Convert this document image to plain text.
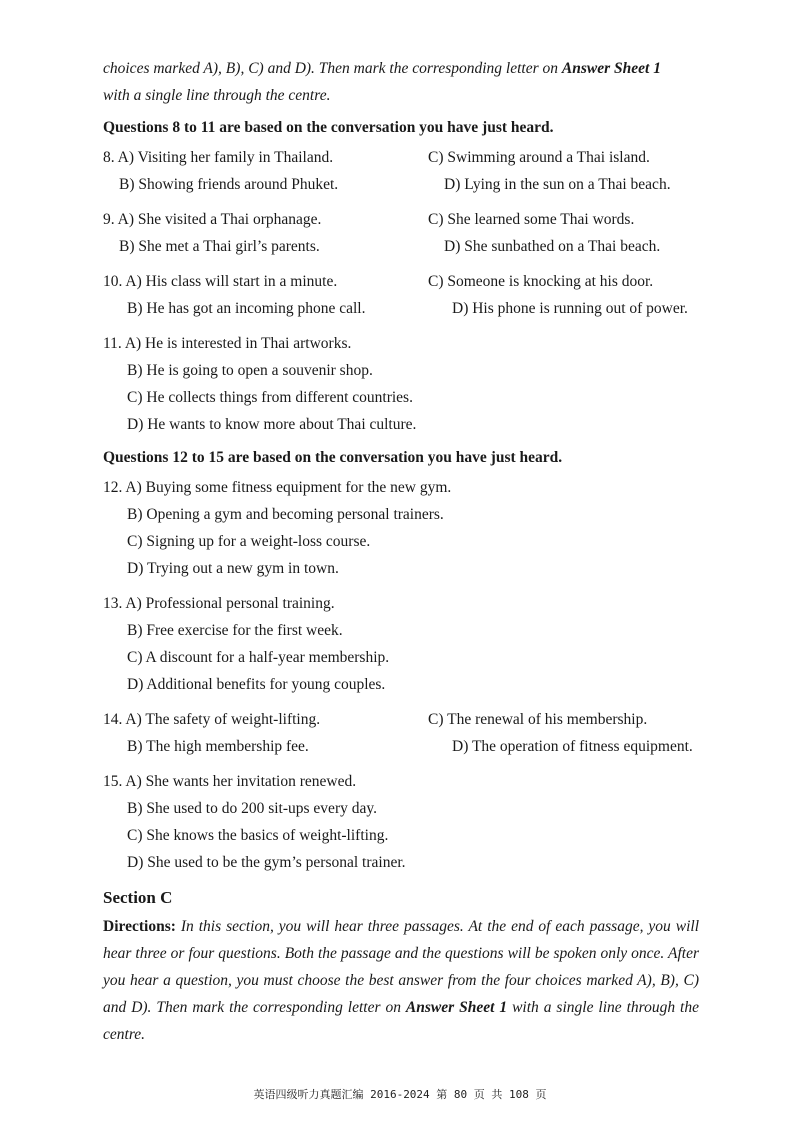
choices marked A), B), C) and D). Then mark the corresponding letter on Answer Sheet 1
with a single line through the centre.

Questions 8 to 11 are based on the conversation you have just heard.

8. A) Visiting her family in Thailand.	C) Swimming around a Thai island.
B) Showing friends around Phuket.	D) Lying in the sun on a Thai beach.
9. A) She visited a Thai orphanage.	C) She learned some Thai words.
B) She met a Thai girl’s parents.	D) She sunbathed on a Thai beach.
10. A) His class will start in a minute.	C) Someone is knocking at his door.
B) He has got an incoming phone call.	D) His phone is running out of power.
11. A) He is interested in Thai artworks.
B) He is going to open a souvenir shop.
C) He collects things from different countries.
D) He wants to know more about Thai culture.

Questions 12 to 15 are based on the conversation you have just heard.

12. A) Buying some fitness equipment for the new gym.
B) Opening a gym and becoming personal trainers.
C) Signing up for a weight-loss course.
D) Trying out a new gym in town.
13. A) Professional personal training.
B) Free exercise for the first week.
C) A discount for a half-year membership.
D) Additional benefits for young couples.
14. A) The safety of weight-lifting.	C) The renewal of his membership.
B) The high membership fee.	D) The operation of fitness equipment.
15. A) She wants her invitation renewed.
B) She used to do 200 sit-ups every day.
C) She knows the basics of weight-lifting.
D) She used to be the gym’s personal trainer.

Section C

Directions: In this section, you will hear three passages. At the end of each passage, you will hear three or four questions. Both the passage and the questions will be spoken only once. After you hear a question, you must choose the best answer from the four choices marked A), B), C) and D). Then mark the corresponding letter on Answer Sheet 1 with a single line through the centre.

英语四级听力真题汇编 2016-2024 第 80 页 共 108 页
